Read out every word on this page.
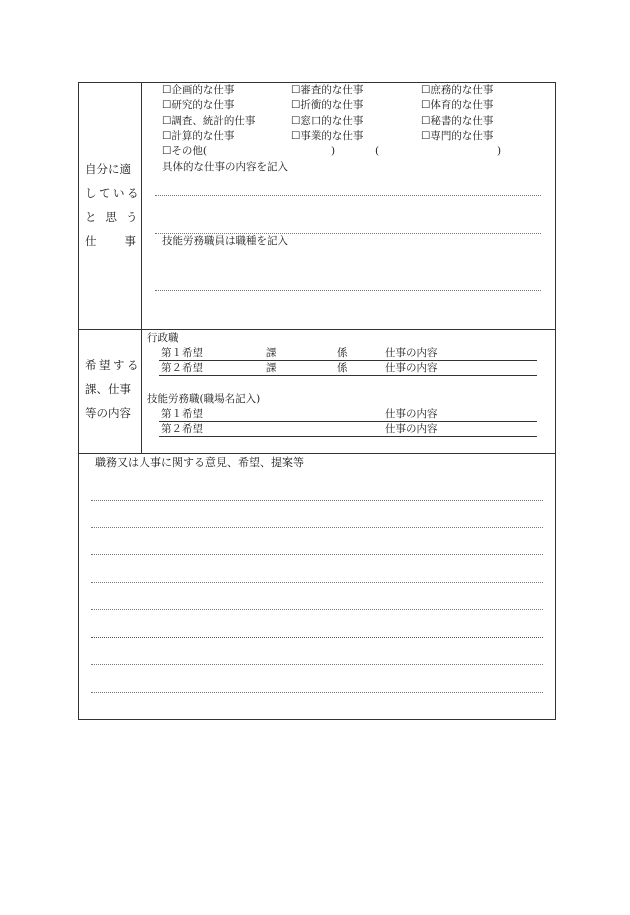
自分に適
している
と思う
仕事
☐ 企画的な仕事	☐ 審査的な仕事	☐ 庶務的な仕事
☐ 研究的な仕事	☐ 折衝的な仕事	☐ 体育的な仕事
☐ 調査、統計的仕事	☐ 窓口的な仕事	☐ 秘書的な仕事
☐ 計算的な仕事	☐ 事業的な仕事	☐ 専門的な仕事
☐ その他(	)	(	)
具体的な仕事の内容を記入
技能労務職員は職種を記入
希望する
課、仕事
等の内容
行政職
第１希望	課	係	仕事の内容
第２希望	課	係	仕事の内容
技能労務職(職場名記入)
第１希望	仕事の内容
第２希望	仕事の内容
職務又は人事に関する意見、希望、提案等
